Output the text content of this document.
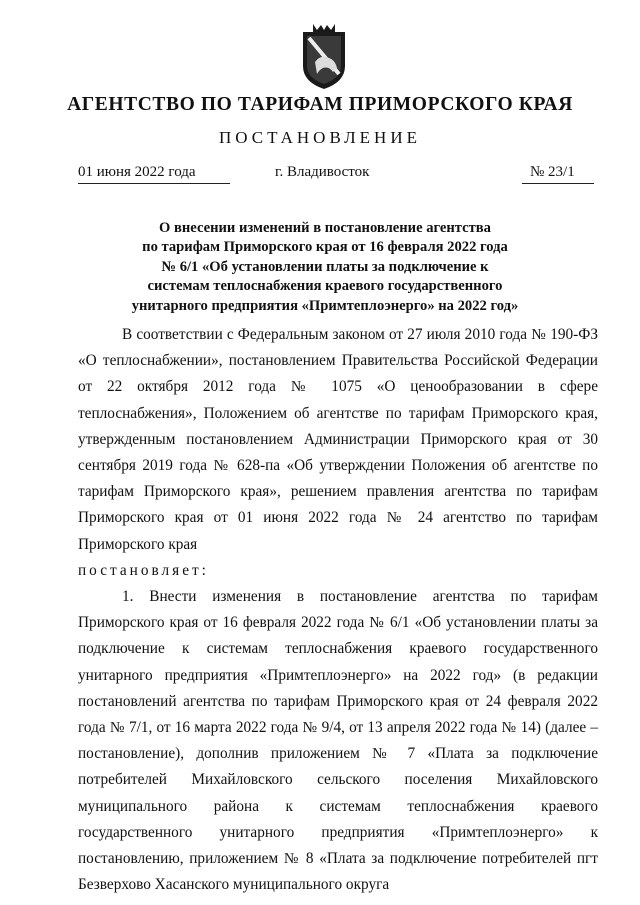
АГЕНТСТВО ПО ТАРИФАМ ПРИМОРСКОГО КРАЯ
ПОСТАНОВЛЕНИЕ
01 июня 2022 года	г. Владивосток	№ 23/1
О внесении изменений в постановление агентства
по тарифам Приморского края от 16 февраля 2022 года
№ 6/1 «Об установлении платы за подключение к
системам теплоснабжения краевого государственного
унитарного предприятия «Примтеплоэнерго» на 2022 год»

В соответствии с Федеральным законом от 27 июля 2010 года № 190-ФЗ «О теплоснабжении», постановлением Правительства Российской Федерации от 22 октября 2012 года № 1075 «О ценообразовании в сфере теплоснабжения», Положением об агентстве по тарифам Приморского края, утвержденным постановлением Администрации Приморского края от 30 сентября 2019 года № 628-па «Об утверждении Положения об агентстве по тарифам Приморского края», решением правления агентства по тарифам Приморского края от 01 июня 2022 года № 24 агентство по тарифам Приморского края

постановляет:

1. Внести изменения в постановление агентства по тарифам Приморского края от 16 февраля 2022 года № 6/1 «Об установлении платы за подключение к системам теплоснабжения краевого государственного унитарного предприятия «Примтеплоэнерго» на 2022 год» (в редакции постановлений агентства по тарифам Приморского края от 24 февраля 2022 года № 7/1, от 16 марта 2022 года № 9/4, от 13 апреля 2022 года № 14) (далее – постановление), дополнив приложением № 7 «Плата за подключение потребителей Михайловского сельского поселения Михайловского муниципального района к системам теплоснабжения краевого государственного унитарного предприятия «Примтеплоэнерго» к постановлению, приложением № 8 «Плата за подключение потребителей пгт Безверхово Хасанского муниципального округа
